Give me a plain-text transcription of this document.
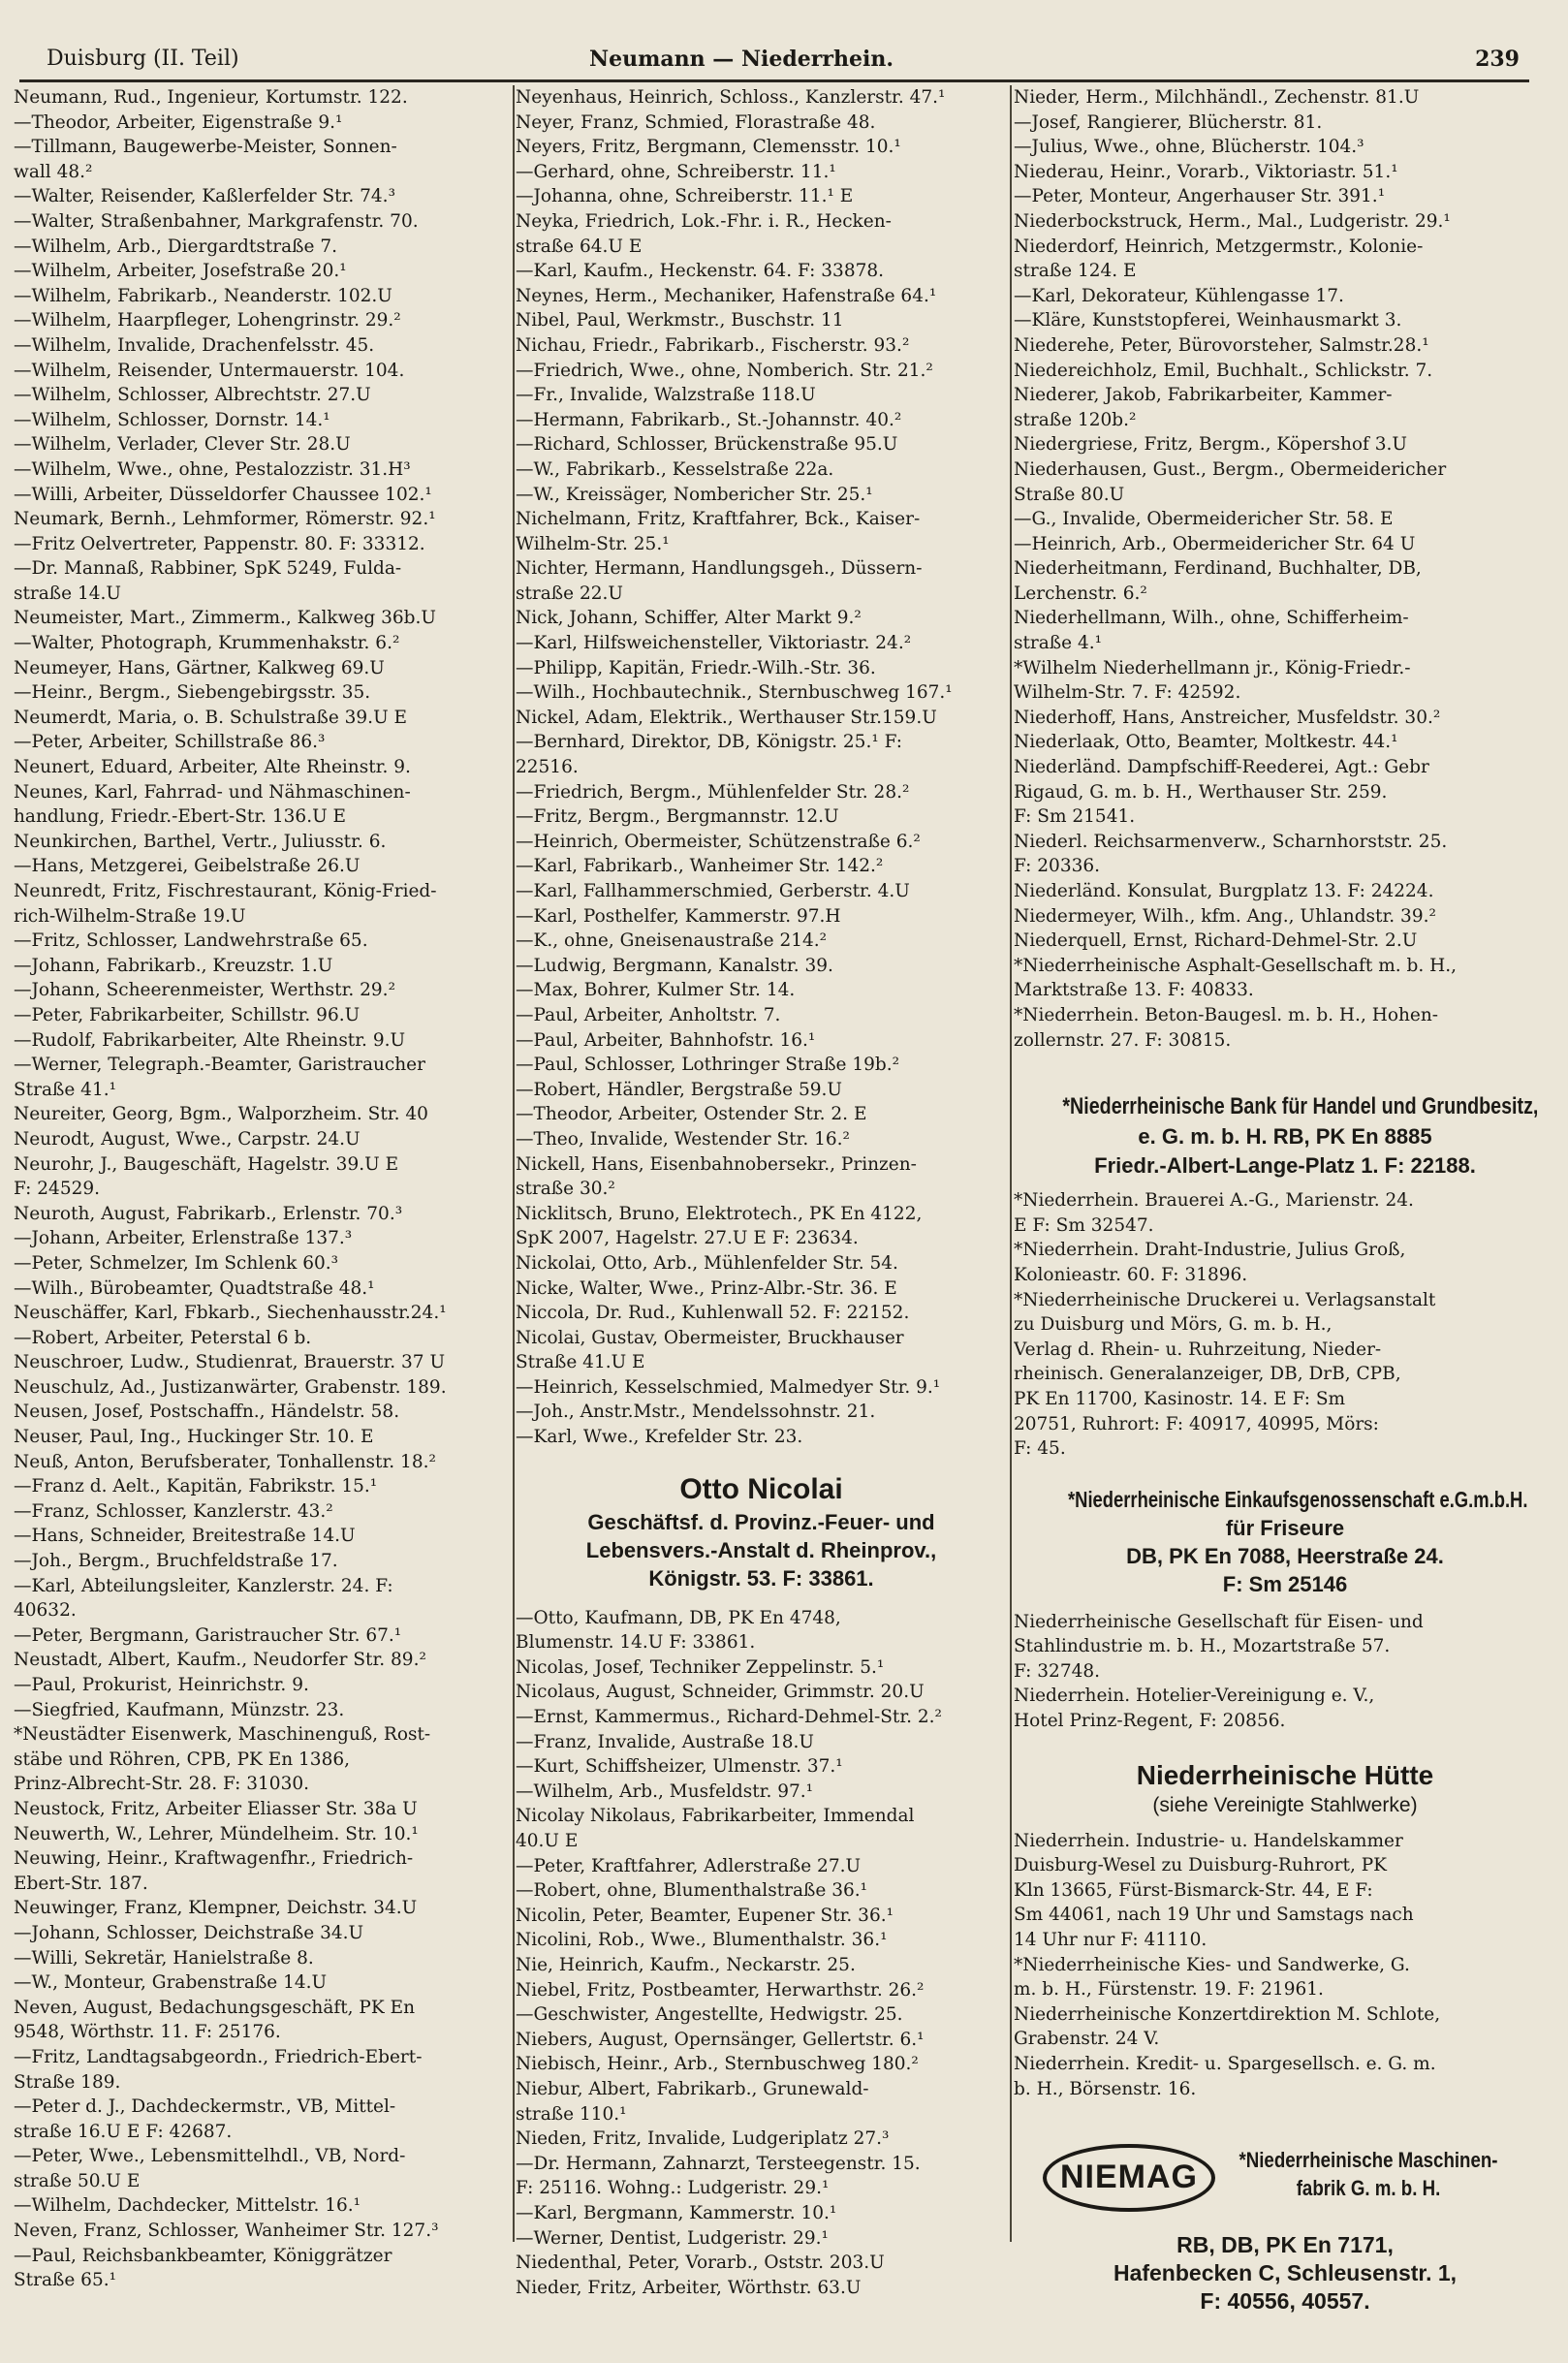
Duisburg (II. Teil)	Neumann — Niederrhein.	239
Neumann, Rud., Ingenieur, Kortumstr. 122.
—Theodor, Arbeiter, Eigenstraße 9.¹
—Tillmann, Baugewerbe-Meister, Sonnen-
wall 48.²
—Walter, Reisender, Kaßlerfelder Str. 74.³
—Walter, Straßenbahner, Markgrafenstr. 70.
—Wilhelm, Arb., Diergardtstraße 7.
—Wilhelm, Arbeiter, Josefstraße 20.¹
—Wilhelm, Fabrikarb., Neanderstr. 102.U
—Wilhelm, Haarpfleger, Lohengrinstr. 29.²
—Wilhelm, Invalide, Drachenfelsstr. 45.
—Wilhelm, Reisender, Untermauerstr. 104.
—Wilhelm, Schlosser, Albrechtstr. 27.U
—Wilhelm, Schlosser, Dornstr. 14.¹
—Wilhelm, Verlader, Clever Str. 28.U
—Wilhelm, Wwe., ohne, Pestalozzistr. 31.H³
—Willi, Arbeiter, Düsseldorfer Chaussee 102.¹
Neumark, Bernh., Lehmformer, Römerstr. 92.¹
—Fritz Oelvertreter, Pappenstr. 80. F: 33312.
—Dr. Mannaß, Rabbiner, SpK 5249, Fulda-
straße 14.U
Neumeister, Mart., Zimmerm., Kalkweg 36b.U
—Walter, Photograph, Krummenhakstr. 6.²
Neumeyer, Hans, Gärtner, Kalkweg 69.U
—Heinr., Bergm., Siebengebirgsstr. 35.
Neumerdt, Maria, o. B. Schulstraße 39.U E
—Peter, Arbeiter, Schillstraße 86.³
Neunert, Eduard, Arbeiter, Alte Rheinstr. 9.
Neunes, Karl, Fahrrad- und Nähmaschinen-
handlung, Friedr.-Ebert-Str. 136.U E
Neunkirchen, Barthel, Vertr., Juliusstr. 6.
—Hans, Metzgerei, Geibelstraße 26.U
Neunredt, Fritz, Fischrestaurant, König-Fried-
rich-Wilhelm-Straße 19.U
—Fritz, Schlosser, Landwehrstraße 65.
—Johann, Fabrikarb., Kreuzstr. 1.U
—Johann, Scheerenmeister, Werthstr. 29.²
—Peter, Fabrikarbeiter, Schillstr. 96.U
—Rudolf, Fabrikarbeiter, Alte Rheinstr. 9.U
—Werner, Telegraph.-Beamter, Garistraucher
Straße 41.¹
Neureiter, Georg, Bgm., Walporzheim. Str. 40
Neurodt, August, Wwe., Carpstr. 24.U
Neurohr, J., Baugeschäft, Hagelstr. 39.U E
F: 24529.
Neuroth, August, Fabrikarb., Erlenstr. 70.³
—Johann, Arbeiter, Erlenstraße 137.³
—Peter, Schmelzer, Im Schlenk 60.³
—Wilh., Bürobeamter, Quadtstraße 48.¹
Neuschäffer, Karl, Fbkarb., Siechenhausstr.24.¹
—Robert, Arbeiter, Peterstal 6 b.
Neuschroer, Ludw., Studienrat, Brauerstr. 37 U
Neuschulz, Ad., Justizanwärter, Grabenstr. 189.
Neusen, Josef, Postschaffn., Händelstr. 58.
Neuser, Paul, Ing., Huckinger Str. 10. E
Neuß, Anton, Berufsberater, Tonhallenstr. 18.²
—Franz d. Aelt., Kapitän, Fabrikstr. 15.¹
—Franz, Schlosser, Kanzlerstr. 43.²
—Hans, Schneider, Breitestraße 14.U
—Joh., Bergm., Bruchfeldstraße 17.
—Karl, Abteilungsleiter, Kanzlerstr. 24. F:
40632.
—Peter, Bergmann, Garistraucher Str. 67.¹
Neustadt, Albert, Kaufm., Neudorfer Str. 89.²
—Paul, Prokurist, Heinrichstr. 9.
—Siegfried, Kaufmann, Münzstr. 23.
*Neustädter Eisenwerk, Maschinenguß, Rost-
stäbe und Röhren, CPB, PK En 1386,
Prinz-Albrecht-Str. 28. F: 31030.
Neustock, Fritz, Arbeiter Eliasser Str. 38a U
Neuwerth, W., Lehrer, Mündelheim. Str. 10.¹
Neuwing, Heinr., Kraftwagenfhr., Friedrich-
Ebert-Str. 187.
Neuwinger, Franz, Klempner, Deichstr. 34.U
—Johann, Schlosser, Deichstraße 34.U
—Willi, Sekretär, Hanielstraße 8.
—W., Monteur, Grabenstraße 14.U
Neven, August, Bedachungsgeschäft, PK En
9548, Wörthstr. 11. F: 25176.
—Fritz, Landtagsabgeordn., Friedrich-Ebert-
Straße 189.
—Peter d. J., Dachdeckermstr., VB, Mittel-
straße 16.U E F: 42687.
—Peter, Wwe., Lebensmittelhdl., VB, Nord-
straße 50.U E
—Wilhelm, Dachdecker, Mittelstr. 16.¹
Neven, Franz, Schlosser, Wanheimer Str. 127.³
—Paul, Reichsbankbeamter, Königgrätzer
Straße 65.¹
Neyenhaus, Heinrich, Schloss., Kanzlerstr. 47.¹
Neyer, Franz, Schmied, Florastraße 48.
Neyers, Fritz, Bergmann, Clemensstr. 10.¹
—Gerhard, ohne, Schreiberstr. 11.¹
—Johanna, ohne, Schreiberstr. 11.¹ E
Neyka, Friedrich, Lok.-Fhr. i. R., Hecken-
straße 64.U E
—Karl, Kaufm., Heckenstr. 64. F: 33878.
Neynes, Herm., Mechaniker, Hafenstraße 64.¹
Nibel, Paul, Werkmstr., Buschstr. 11
Nichau, Friedr., Fabrikarb., Fischerstr. 93.²
—Friedrich, Wwe., ohne, Nomberich. Str. 21.²
—Fr., Invalide, Walzstraße 118.U
—Hermann, Fabrikarb., St.-Johannstr. 40.²
—Richard, Schlosser, Brückenstraße 95.U
—W., Fabrikarb., Kesselstraße 22a.
—W., Kreissäger, Nombericher Str. 25.¹
Nichelmann, Fritz, Kraftfahrer, Bck., Kaiser-
Wilhelm-Str. 25.¹
Nichter, Hermann, Handlungsgeh., Düssern-
straße 22.U
Nick, Johann, Schiffer, Alter Markt 9.²
—Karl, Hilfsweichensteller, Viktoriastr. 24.²
—Philipp, Kapitän, Friedr.-Wilh.-Str. 36.
—Wilh., Hochbautechnik., Sternbuschweg 167.¹
Nickel, Adam, Elektrik., Werthauser Str.159.U
—Bernhard, Direktor, DB, Königstr. 25.¹ F:
22516.
—Friedrich, Bergm., Mühlenfelder Str. 28.²
—Fritz, Bergm., Bergmannstr. 12.U
—Heinrich, Obermeister, Schützenstraße 6.²
—Karl, Fabrikarb., Wanheimer Str. 142.²
—Karl, Fallhammerschmied, Gerberstr. 4.U
—Karl, Posthelfer, Kammerstr. 97.H
—K., ohne, Gneisenaustraße 214.²
—Ludwig, Bergmann, Kanalstr. 39.
—Max, Bohrer, Kulmer Str. 14.
—Paul, Arbeiter, Anholtstr. 7.
—Paul, Arbeiter, Bahnhofstr. 16.¹
—Paul, Schlosser, Lothringer Straße 19b.²
—Robert, Händler, Bergstraße 59.U
—Theodor, Arbeiter, Ostender Str. 2. E
—Theo, Invalide, Westender Str. 16.²
Nickell, Hans, Eisenbahnobersekr., Prinzen-
straße 30.²
Nicklitsch, Bruno, Elektrotech., PK En 4122,
SpK 2007, Hagelstr. 27.U E F: 23634.
Nickolai, Otto, Arb., Mühlenfelder Str. 54.
Nicke, Walter, Wwe., Prinz-Albr.-Str. 36. E
Niccola, Dr. Rud., Kuhlenwall 52. F: 22152.
Nicolai, Gustav, Obermeister, Bruckhauser
Straße 41.U E
—Heinrich, Kesselschmied, Malmedyer Str. 9.¹
—Joh., Anstr.Mstr., Mendelssohnstr. 21.
—Karl, Wwe., Krefelder Str. 23.
Otto Nicolai
Geschäftsf. d. Provinz.-Feuer- und
Lebensvers.-Anstalt d. Rheinprov.,
Königstr. 53. F: 33861.
—Otto, Kaufmann, DB, PK En 4748,
Blumenstr. 14.U F: 33861.
Nicolas, Josef, Techniker Zeppelinstr. 5.¹
Nicolaus, August, Schneider, Grimmstr. 20.U
—Ernst, Kammermus., Richard-Dehmel-Str. 2.²
—Franz, Invalide, Austraße 18.U
—Kurt, Schiffsheizer, Ulmenstr. 37.¹
—Wilhelm, Arb., Musfeldstr. 97.¹
Nicolay Nikolaus, Fabrikarbeiter, Immendal
40.U E
—Peter, Kraftfahrer, Adlerstraße 27.U
—Robert, ohne, Blumenthalstraße 36.¹
Nicolin, Peter, Beamter, Eupener Str. 36.¹
Nicolini, Rob., Wwe., Blumenthalstr. 36.¹
Nie, Heinrich, Kaufm., Neckarstr. 25.
Niebel, Fritz, Postbeamter, Herwarthstr. 26.²
—Geschwister, Angestellte, Hedwigstr. 25.
Niebers, August, Opernsänger, Gellertstr. 6.¹
Niebisch, Heinr., Arb., Sternbuschweg 180.²
Niebur, Albert, Fabrikarb., Grunewald-
straße 110.¹
Nieden, Fritz, Invalide, Ludgeriplatz 27.³
—Dr. Hermann, Zahnarzt, Tersteegenstr. 15.
F: 25116. Wohng.: Ludgeristr. 29.¹
—Karl, Bergmann, Kammerstr. 10.¹
—Werner, Dentist, Ludgeristr. 29.¹
Niedenthal, Peter, Vorarb., Oststr. 203.U
Nieder, Fritz, Arbeiter, Wörthstr. 63.U
Nieder, Herm., Milchhändl., Zechenstr. 81.U
—Josef, Rangierer, Blücherstr. 81.
—Julius, Wwe., ohne, Blücherstr. 104.³
Niederau, Heinr., Vorarb., Viktoriastr. 51.¹
—Peter, Monteur, Angerhauser Str. 391.¹
Niederbockstruck, Herm., Mal., Ludgeristr. 29.¹
Niederdorf, Heinrich, Metzgermstr., Kolonie-
straße 124. E
—Karl, Dekorateur, Kühlengasse 17.
—Kläre, Kunststopferei, Weinhausmarkt 3.
Niederehe, Peter, Bürovorsteher, Salmstr.28.¹
Niedereichholz, Emil, Buchhalt., Schlickstr. 7.
Niederer, Jakob, Fabrikarbeiter, Kammer-
straße 120b.²
Niedergriese, Fritz, Bergm., Köpershof 3.U
Niederhausen, Gust., Bergm., Obermeidericher
Straße 80.U
—G., Invalide, Obermeidericher Str. 58. E
—Heinrich, Arb., Obermeidericher Str. 64 U
Niederheitmann, Ferdinand, Buchhalter, DB,
Lerchenstr. 6.²
Niederhellmann, Wilh., ohne, Schifferheim-
straße 4.¹
*Wilhelm Niederhellmann jr., König-Friedr.-
Wilhelm-Str. 7. F: 42592.
Niederhoff, Hans, Anstreicher, Musfeldstr. 30.²
Niederlaak, Otto, Beamter, Moltkestr. 44.¹
Niederländ. Dampfschiff-Reederei, Agt.: Gebr
Rigaud, G. m. b. H., Werthauser Str. 259.
F: Sm 21541.
Niederl. Reichsarmenverw., Scharnhorststr. 25.
F: 20336.
Niederländ. Konsulat, Burgplatz 13. F: 24224.
Niedermeyer, Wilh., kfm. Ang., Uhlandstr. 39.²
Niederquell, Ernst, Richard-Dehmel-Str. 2.U
*Niederrheinische Asphalt-Gesellschaft m. b. H.,
Marktstraße 13. F: 40833.
*Niederrhein. Beton-Baugesl. m. b. H., Hohen-
zollernstr. 27. F: 30815.
*Niederrheinische Bank für Handel und Grundbesitz,
e. G. m. b. H. RB, PK En 8885
Friedr.-Albert-Lange-Platz 1. F: 22188.
*Niederrhein. Brauerei A.-G., Marienstr. 24.
E F: Sm 32547.
*Niederrhein. Draht-Industrie, Julius Groß,
Kolonieastr. 60. F: 31896.
*Niederrheinische Druckerei u. Verlagsanstalt
zu Duisburg und Mörs, G. m. b. H.,
Verlag d. Rhein- u. Ruhrzeitung, Nieder-
rheinisch. Generalanzeiger, DB, DrB, CPB,
PK En 11700, Kasinostr. 14. E F: Sm
20751, Ruhrort: F: 40917, 40995, Mörs:
F: 45.
*Niederrheinische Einkaufsgenossenschaft e.G.m.b.H.
für Friseure
DB, PK En 7088, Heerstraße 24.
F: Sm 25146
Niederrheinische Gesellschaft für Eisen- und
Stahlindustrie m. b. H., Mozartstraße 57.
F: 32748.
Niederrhein. Hotelier-Vereinigung e. V.,
Hotel Prinz-Regent, F: 20856.
Niederrheinische Hütte
(siehe Vereinigte Stahlwerke)
Niederrhein. Industrie- u. Handelskammer
Duisburg-Wesel zu Duisburg-Ruhrort, PK
Kln 13665, Fürst-Bismarck-Str. 44, E F:
Sm 44061, nach 19 Uhr und Samstags nach
14 Uhr nur F: 41110.
*Niederrheinische Kies- und Sandwerke, G.
m. b. H., Fürstenstr. 19. F: 21961.
Niederrheinische Konzertdirektion M. Schlote,
Grabenstr. 24 V.
Niederrhein. Kredit- u. Spargesellsch. e. G. m.
b. H., Börsenstr. 16.
NIEMAG *Niederrheinische Maschinen-
fabrik G. m. b. H.
RB, DB, PK En 7171,
Hafenbecken C, Schleusenstr. 1,
F: 40556, 40557.
